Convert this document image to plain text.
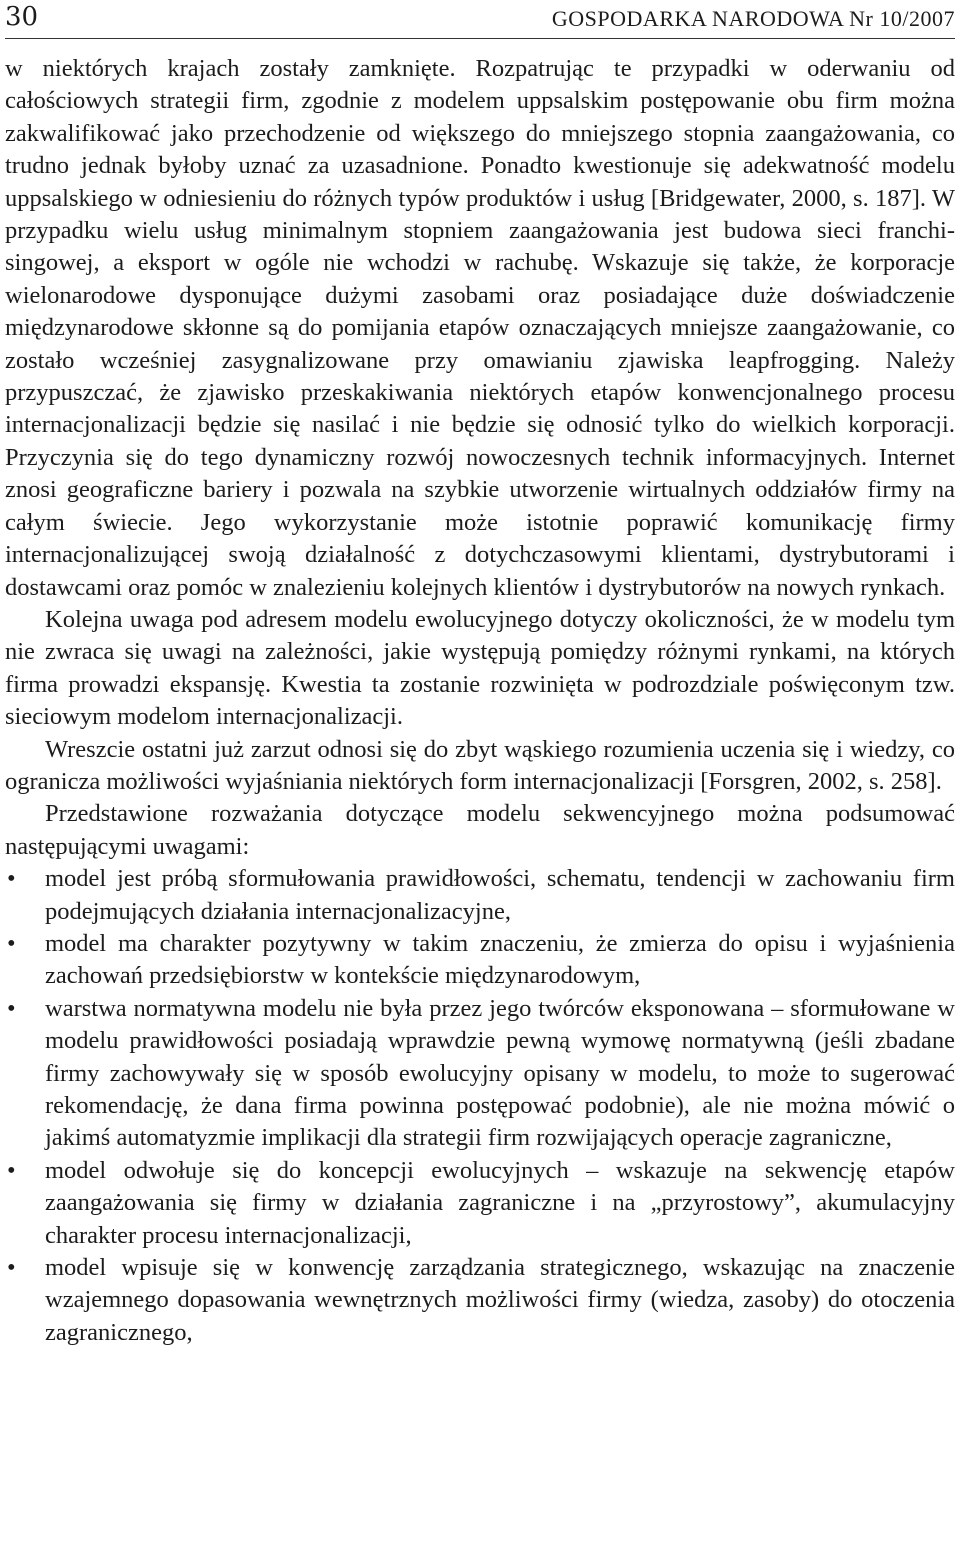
30	GOSPODARKA NARODOWA Nr 10/2007

w niektórych krajach zostały zamknięte. Rozpatrując te przypadki w oderwaniu od całościowych strategii firm, zgodnie z modelem uppsalskim postępowanie obu firm można zakwalifikować jako przechodzenie od większego do mniejszego stopnia zaangażowania, co trudno jednak byłoby uznać za uzasadnione. Ponadto kwestionuje się adekwatność modelu uppsalskiego w odniesieniu do różnych typów produktów i usług [Bridgewater, 2000, s. 187]. W przypadku wielu usług minimalnym stopniem zaangażowania jest budowa sieci franchisingowej, a eksport w ogóle nie wchodzi w rachubę. Wskazuje się także, że korporacje wielonarodowe dysponujące dużymi zasobami oraz posiadające duże doświadczenie międzynarodowe skłonne są do pomijania etapów oznaczających mniejsze zaangażowanie, co zostało wcześniej zasygnalizowane przy omawianiu zjawiska leapfrogging. Należy przypuszczać, że zjawisko przeskakiwania niektórych etapów konwencjonalnego procesu internacjonalizacji będzie się nasilać i nie będzie się odnosić tylko do wielkich korporacji. Przyczynia się do tego dynamiczny rozwój nowoczesnych technik informacyjnych. Internet znosi geograficzne bariery i pozwala na szybkie utworzenie wirtualnych oddziałów firmy na całym świecie. Jego wykorzystanie może istotnie poprawić komunikację firmy internacjonalizującej swoją działalność z dotychczasowymi klientami, dystrybutorami i dostawcami oraz pomóc w znalezieniu kolejnych klientów i dystrybutorów na nowych rynkach.

Kolejna uwaga pod adresem modelu ewolucyjnego dotyczy okoliczności, że w modelu tym nie zwraca się uwagi na zależności, jakie występują pomiędzy różnymi rynkami, na których firma prowadzi ekspansję. Kwestia ta zostanie rozwinięta w podrozdziale poświęconym tzw. sieciowym modelom internacjonalizacji.

Wreszcie ostatni już zarzut odnosi się do zbyt wąskiego rozumienia uczenia się i wiedzy, co ogranicza możliwości wyjaśniania niektórych form internacjonalizacji [Forsgren, 2002, s. 258].

Przedstawione rozważania dotyczące modelu sekwencyjnego można podsumować następującymi uwagami:

• model jest próbą sformułowania prawidłowości, schematu, tendencji w zachowaniu firm podejmujących działania internacjonalizacyjne,
• model ma charakter pozytywny w takim znaczeniu, że zmierza do opisu i wyjaśnienia zachowań przedsiębiorstw w kontekście międzynarodowym,
• warstwa normatywna modelu nie była przez jego twórców eksponowana – sformułowane w modelu prawidłowości posiadają wprawdzie pewną wymowę normatywną (jeśli zbadane firmy zachowywały się w sposób ewolucyjny opisany w modelu, to może to sugerować rekomendację, że dana firma powinna postępować podobnie), ale nie można mówić o jakimś automatyzmie implikacji dla strategii firm rozwijających operacje zagraniczne,
• model odwołuje się do koncepcji ewolucyjnych – wskazuje na sekwencję etapów zaangażowania się firmy w działania zagraniczne i na „przyrostowy”, akumulacyjny charakter procesu internacjonalizacji,
• model wpisuje się w konwencję zarządzania strategicznego, wskazując na znaczenie wzajemnego dopasowania wewnętrznych możliwości firmy (wiedza, zasoby) do otoczenia zagranicznego,
